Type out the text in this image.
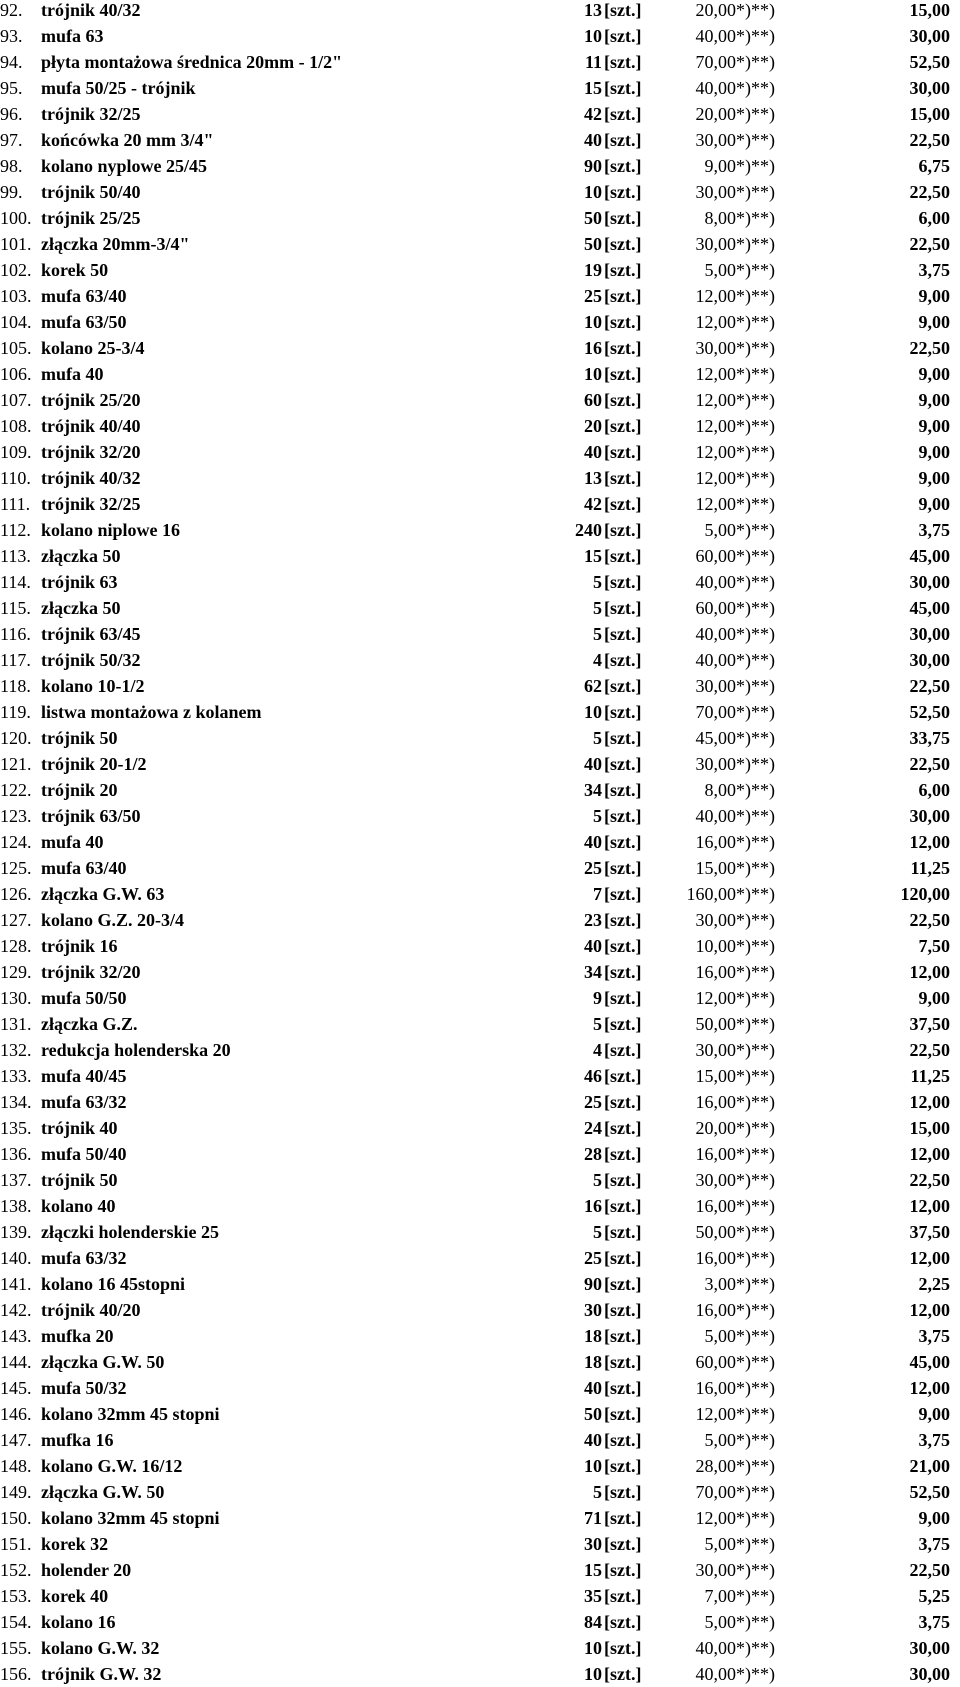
92. trójnik 40/32	13 [szt.]	20,00*)**)	15,00
93. mufa 63	10 [szt.]	40,00*)**)	30,00
94. płyta montażowa średnica 20mm - 1/2"	11 [szt.]	70,00*)**)	52,50
95. mufa 50/25 - trójnik	15 [szt.]	40,00*)**)	30,00
96. trójnik 32/25	42 [szt.]	20,00*)**)	15,00
97. końcówka 20 mm 3/4"	40 [szt.]	30,00*)**)	22,50
98. kolano nyplowe 25/45	90 [szt.]	9,00*)**)	6,75
99. trójnik 50/40	10 [szt.]	30,00*)**)	22,50
100. trójnik 25/25	50 [szt.]	8,00*)**)	6,00
101. złączka 20mm-3/4"	50 [szt.]	30,00*)**)	22,50
102. korek 50	19 [szt.]	5,00*)**)	3,75
103. mufa 63/40	25 [szt.]	12,00*)**)	9,00
104. mufa 63/50	10 [szt.]	12,00*)**)	9,00
105. kolano 25-3/4	16 [szt.]	30,00*)**)	22,50
106. mufa 40	10 [szt.]	12,00*)**)	9,00
107. trójnik 25/20	60 [szt.]	12,00*)**)	9,00
108. trójnik 40/40	20 [szt.]	12,00*)**)	9,00
109. trójnik 32/20	40 [szt.]	12,00*)**)	9,00
110. trójnik 40/32	13 [szt.]	12,00*)**)	9,00
111. trójnik 32/25	42 [szt.]	12,00*)**)	9,00
112. kolano niplowe 16	240 [szt.]	5,00*)**)	3,75
113. złączka 50	15 [szt.]	60,00*)**)	45,00
114. trójnik 63	5 [szt.]	40,00*)**)	30,00
115. złączka 50	5 [szt.]	60,00*)**)	45,00
116. trójnik 63/45	5 [szt.]	40,00*)**)	30,00
117. trójnik 50/32	4 [szt.]	40,00*)**)	30,00
118. kolano 10-1/2	62 [szt.]	30,00*)**)	22,50
119. listwa montażowa z kolanem	10 [szt.]	70,00*)**)	52,50
120. trójnik 50	5 [szt.]	45,00*)**)	33,75
121. trójnik 20-1/2	40 [szt.]	30,00*)**)	22,50
122. trójnik 20	34 [szt.]	8,00*)**)	6,00
123. trójnik 63/50	5 [szt.]	40,00*)**)	30,00
124. mufa 40	40 [szt.]	16,00*)**)	12,00
125. mufa 63/40	25 [szt.]	15,00*)**)	11,25
126. złączka G.W. 63	7 [szt.]	160,00*)**)	120,00
127. kolano G.Z. 20-3/4	23 [szt.]	30,00*)**)	22,50
128. trójnik 16	40 [szt.]	10,00*)**)	7,50
129. trójnik 32/20	34 [szt.]	16,00*)**)	12,00
130. mufa 50/50	9 [szt.]	12,00*)**)	9,00
131. złączka G.Z.	5 [szt.]	50,00*)**)	37,50
132. redukcja holenderska 20	4 [szt.]	30,00*)**)	22,50
133. mufa 40/45	46 [szt.]	15,00*)**)	11,25
134. mufa 63/32	25 [szt.]	16,00*)**)	12,00
135. trójnik 40	24 [szt.]	20,00*)**)	15,00
136. mufa 50/40	28 [szt.]	16,00*)**)	12,00
137. trójnik 50	5 [szt.]	30,00*)**)	22,50
138. kolano 40	16 [szt.]	16,00*)**)	12,00
139. złączki holenderskie 25	5 [szt.]	50,00*)**)	37,50
140. mufa 63/32	25 [szt.]	16,00*)**)	12,00
141. kolano 16 45stopni	90 [szt.]	3,00*)**)	2,25
142. trójnik 40/20	30 [szt.]	16,00*)**)	12,00
143. mufka 20	18 [szt.]	5,00*)**)	3,75
144. złączka G.W. 50	18 [szt.]	60,00*)**)	45,00
145. mufa 50/32	40 [szt.]	16,00*)**)	12,00
146. kolano 32mm 45 stopni	50 [szt.]	12,00*)**)	9,00
147. mufka 16	40 [szt.]	5,00*)**)	3,75
148. kolano G.W. 16/12	10 [szt.]	28,00*)**)	21,00
149. złączka G.W. 50	5 [szt.]	70,00*)**)	52,50
150. kolano 32mm 45 stopni	71 [szt.]	12,00*)**)	9,00
151. korek 32	30 [szt.]	5,00*)**)	3,75
152. holender 20	15 [szt.]	30,00*)**)	22,50
153. korek 40	35 [szt.]	7,00*)**)	5,25
154. kolano 16	84 [szt.]	5,00*)**)	3,75
155. kolano G.W. 32	10 [szt.]	40,00*)**)	30,00
156. trójnik G.W. 32	10 [szt.]	40,00*)**)	30,00
